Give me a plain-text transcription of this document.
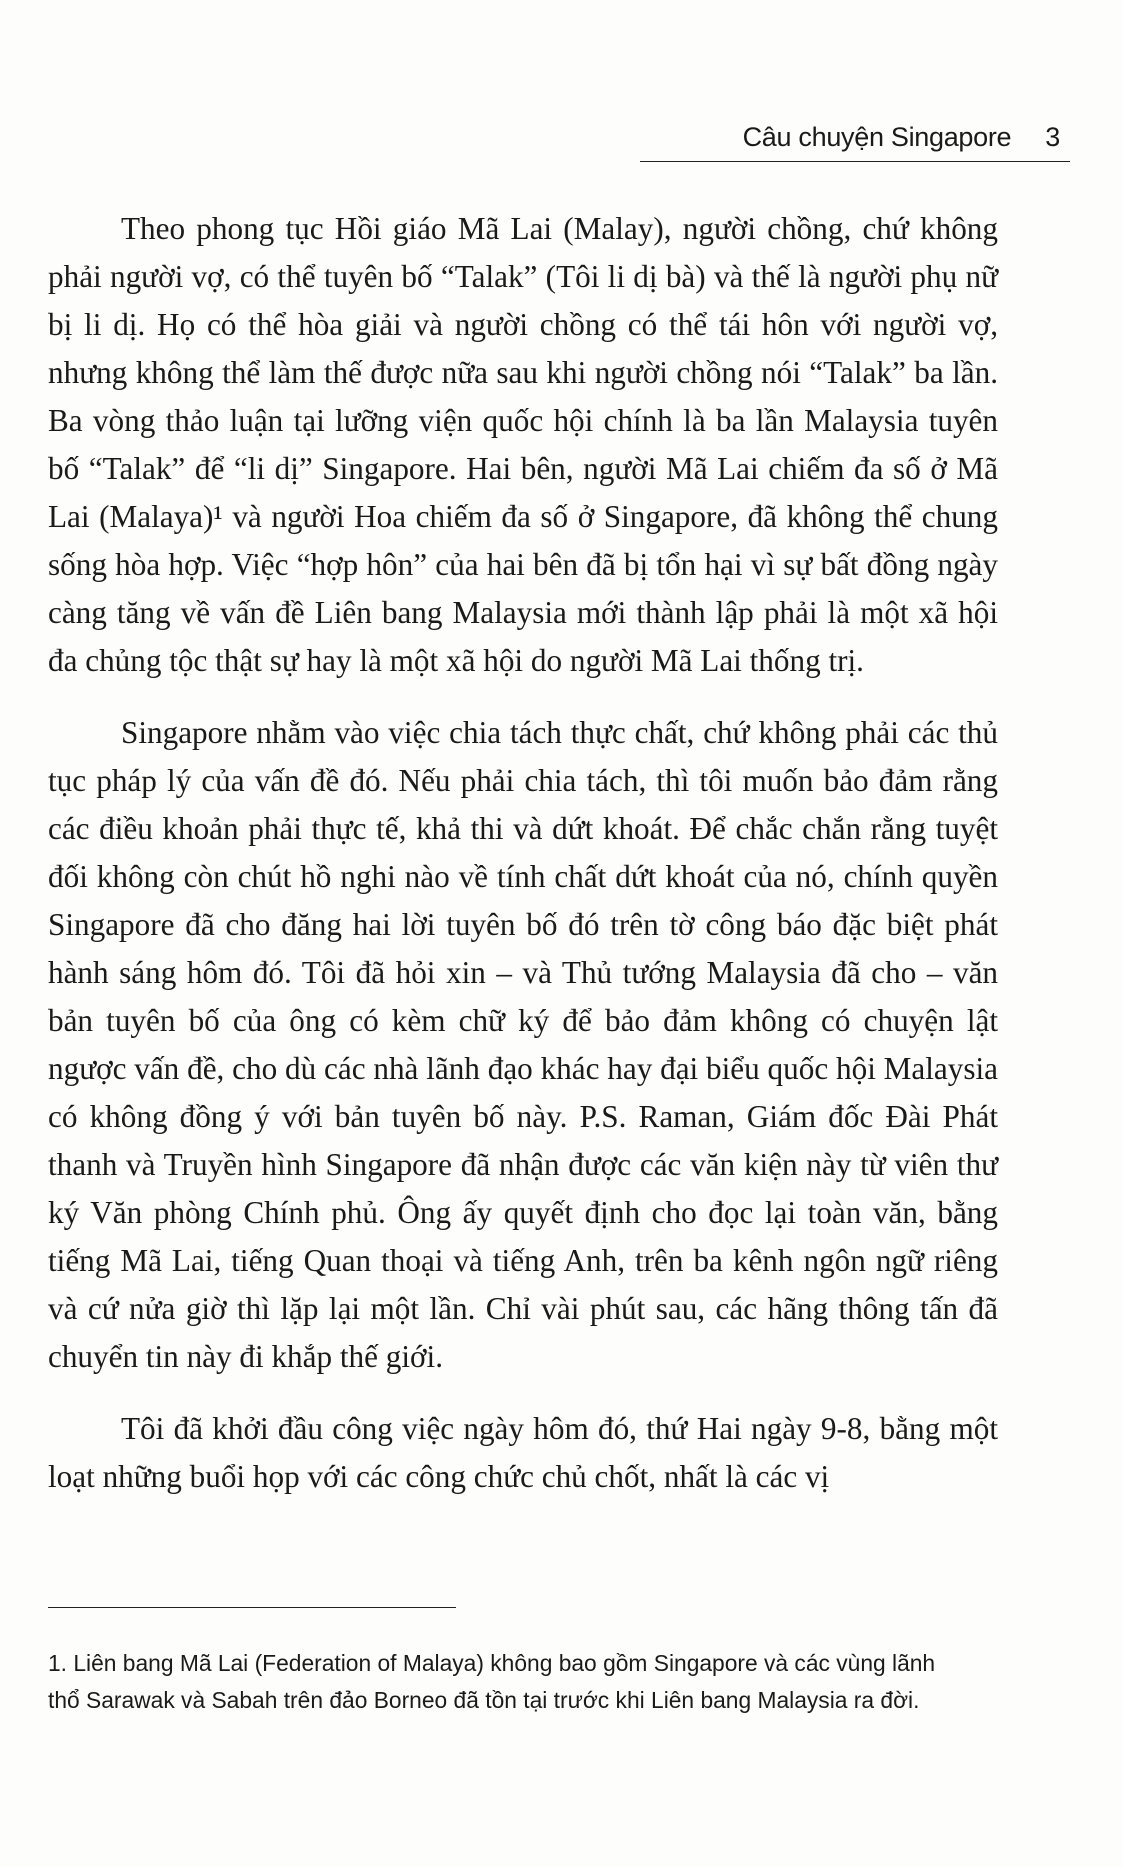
Câu chuyện Singapore 3

Theo phong tục Hồi giáo Mã Lai (Malay), người chồng, chứ không phải người vợ, có thể tuyên bố “Talak” (Tôi li dị bà) và thế là người phụ nữ bị li dị. Họ có thể hòa giải và người chồng có thể tái hôn với người vợ, nhưng không thể làm thế được nữa sau khi người chồng nói “Talak” ba lần. Ba vòng thảo luận tại lưỡng viện quốc hội chính là ba lần Malaysia tuyên bố “Talak” để “li dị” Singapore. Hai bên, người Mã Lai chiếm đa số ở Mã Lai (Malaya)¹ và người Hoa chiếm đa số ở Singapore, đã không thể chung sống hòa hợp. Việc “hợp hôn” của hai bên đã bị tổn hại vì sự bất đồng ngày càng tăng về vấn đề Liên bang Malaysia mới thành lập phải là một xã hội đa chủng tộc thật sự hay là một xã hội do người Mã Lai thống trị.

Singapore nhằm vào việc chia tách thực chất, chứ không phải các thủ tục pháp lý của vấn đề đó. Nếu phải chia tách, thì tôi muốn bảo đảm rằng các điều khoản phải thực tế, khả thi và dứt khoát. Để chắc chắn rằng tuyệt đối không còn chút hồ nghi nào về tính chất dứt khoát của nó, chính quyền Singapore đã cho đăng hai lời tuyên bố đó trên tờ công báo đặc biệt phát hành sáng hôm đó. Tôi đã hỏi xin – và Thủ tướng Malaysia đã cho – văn bản tuyên bố của ông có kèm chữ ký để bảo đảm không có chuyện lật ngược vấn đề, cho dù các nhà lãnh đạo khác hay đại biểu quốc hội Malaysia có không đồng ý với bản tuyên bố này. P.S. Raman, Giám đốc Đài Phát thanh và Truyền hình Singapore đã nhận được các văn kiện này từ viên thư ký Văn phòng Chính phủ. Ông ấy quyết định cho đọc lại toàn văn, bằng tiếng Mã Lai, tiếng Quan thoại và tiếng Anh, trên ba kênh ngôn ngữ riêng và cứ nửa giờ thì lặp lại một lần. Chỉ vài phút sau, các hãng thông tấn đã chuyển tin này đi khắp thế giới.

Tôi đã khởi đầu công việc ngày hôm đó, thứ Hai ngày 9-8, bằng một loạt những buổi họp với các công chức chủ chốt, nhất là các vị

1. Liên bang Mã Lai (Federation of Malaya) không bao gồm Singapore và các vùng lãnh
thổ Sarawak và Sabah trên đảo Borneo đã tồn tại trước khi Liên bang Malaysia ra đời.
